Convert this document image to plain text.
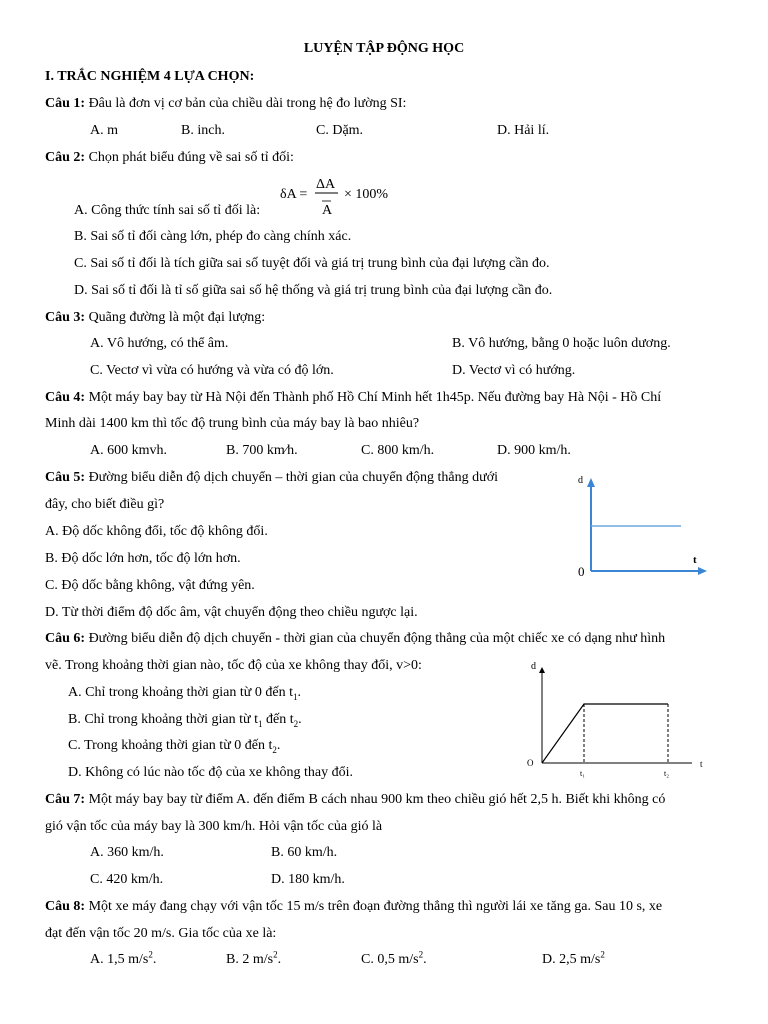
LUYỆN TẬP ĐỘNG HỌC
I. TRẮC NGHIỆM 4 LỰA CHỌN:
Câu 1: Đâu là đơn vị cơ bản của chiều dài trong hệ đo lường SI:
A. m	B. inch.	C. Dặm.	D. Hải lí.
Câu 2: Chọn phát biểu đúng về sai số tỉ đối:
A. Công thức tính sai số tỉ đối là:
δA =
ΔA
A
× 100%
B. Sai số tỉ đối càng lớn, phép đo càng chính xác.
C. Sai số tỉ đối là tích giữa sai số tuyệt đối và giá trị trung bình của đại lượng cần đo.
D. Sai số tỉ đối là tỉ số giữa sai số hệ thống và giá trị trung bình của đại lượng cần đo.
Câu 3: Quãng đường là một đại lượng:
A. Vô hướng, có thể âm.	B. Vô hướng, bằng 0 hoặc luôn dương.
C. Vectơ vì vừa có hướng và vừa có độ lớn.	D. Vectơ vì có hướng.
Câu 4: Một máy bay bay từ Hà Nội đến Thành phố Hồ Chí Minh hết 1h45p. Nếu đường bay Hà Nội - Hồ Chí
Minh dài 1400 km thì tốc độ trung bình của máy bay là bao nhiêu?
A. 600 kmvh.	B. 700 km⁄h.	C. 800 km/h.	D. 900 km/h.
Câu 5: Đường biểu diễn độ dịch chuyển – thời gian của chuyển động thẳng dưới
đây, cho biết điều gì?
A. Độ dốc không đổi, tốc độ không đổi.
B. Độ dốc lớn hơn, tốc độ lớn hơn.
C. Độ dốc bằng không, vật đứng yên.
D. Từ thời điểm độ dốc âm, vật chuyển động theo chiều ngược lại.
d
t
0
Câu 6: Đường biểu diễn độ dịch chuyển - thời gian của chuyển động thẳng của một chiếc xe có dạng như hình
vẽ. Trong khoảng thời gian nào, tốc độ của xe không thay đổi, v>0:
A. Chỉ trong khoảng thời gian từ 0 đến $t_1$.
B. Chỉ trong khoảng thời gian từ $t_1$ đến $t_2$.
C. Trong khoảng thời gian từ 0 đến $t_2$.
D. Không có lúc nào tốc độ của xe không thay đổi.
d
t
O
t₁	t₂
Câu 7: Một máy bay bay từ điểm A. đến điểm B cách nhau 900 km theo chiều gió hết 2,5 h. Biết khi không có
gió vận tốc của máy bay là 300 km/h. Hỏi vận tốc của gió là
A. 360 km/h.	B. 60 km/h.
C. 420 km/h.	D. 180 km/h.
Câu 8: Một xe máy đang chạy với vận tốc 15 m/s trên đoạn đường thẳng thì người lái xe tăng ga. Sau 10 s, xe
đạt đến vận tốc 20 m/s. Gia tốc của xe là:
A. 1,5 $m/s^2$.	B. 2 $m/s^2$.	C. 0,5 $m/s^2$.	D. 2,5 $m/s^2$
